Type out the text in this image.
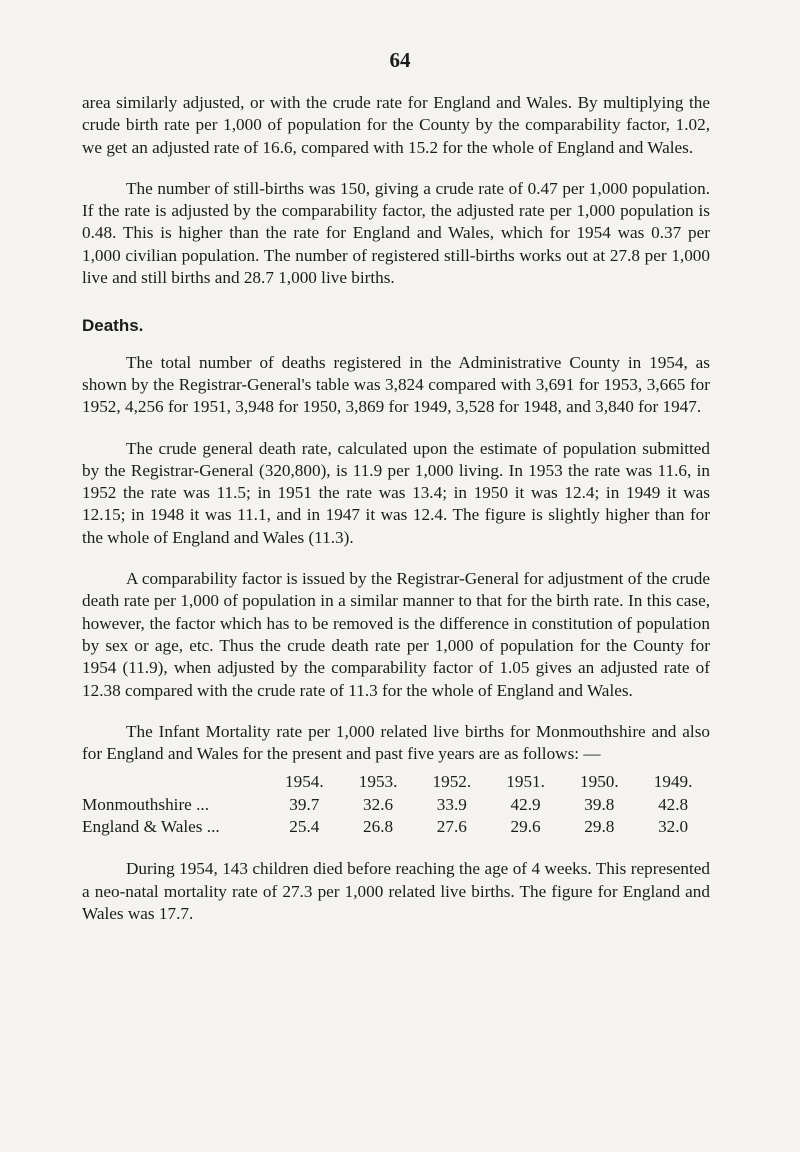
64

area similarly adjusted, or with the crude rate for England and Wales. By multiplying the crude birth rate per 1,000 of population for the County by the comparability factor, 1.02, we get an adjusted rate of 16.6, compared with 15.2 for the whole of England and Wales.

The number of still-births was 150, giving a crude rate of 0.47 per 1,000 population. If the rate is adjusted by the comparability factor, the adjusted rate per 1,000 population is 0.48. This is higher than the rate for England and Wales, which for 1954 was 0.37 per 1,000 civilian population. The number of registered still-births works out at 27.8 per 1,000 live and still births and 28.7 1,000 live births.

Deaths.

The total number of deaths registered in the Administrative County in 1954, as shown by the Registrar-General's table was 3,824 compared with 3,691 for 1953, 3,665 for 1952, 4,256 for 1951, 3,948 for 1950, 3,869 for 1949, 3,528 for 1948, and 3,840 for 1947.

The crude general death rate, calculated upon the estimate of population submitted by the Registrar-General (320,800), is 11.9 per 1,000 living. In 1953 the rate was 11.6, in 1952 the rate was 11.5; in 1951 the rate was 13.4; in 1950 it was 12.4; in 1949 it was 12.15; in 1948 it was 11.1, and in 1947 it was 12.4. The figure is slightly higher than for the whole of England and Wales (11.3).

A comparability factor is issued by the Registrar-General for adjustment of the crude death rate per 1,000 of population in a similar manner to that for the birth rate. In this case, however, the factor which has to be removed is the difference in constitution of population by sex or age, etc. Thus the crude death rate per 1,000 of population for the County for 1954 (11.9), when adjusted by the comparability factor of 1.05 gives an adjusted rate of 12.38 compared with the crude rate of 11.3 for the whole of England and Wales.

The Infant Mortality rate per 1,000 related live births for Monmouthshire and also for England and Wales for the present and past five years are as follows: —

	1954.	1953.	1952.	1951.	1950.	1949.
Monmouthshire ...	39.7	32.6	33.9	42.9	39.8	42.8
England & Wales ...	25.4	26.8	27.6	29.6	29.8	32.0

During 1954, 143 children died before reaching the age of 4 weeks. This represented a neo-natal mortality rate of 27.3 per 1,000 related live births. The figure for England and Wales was 17.7.
